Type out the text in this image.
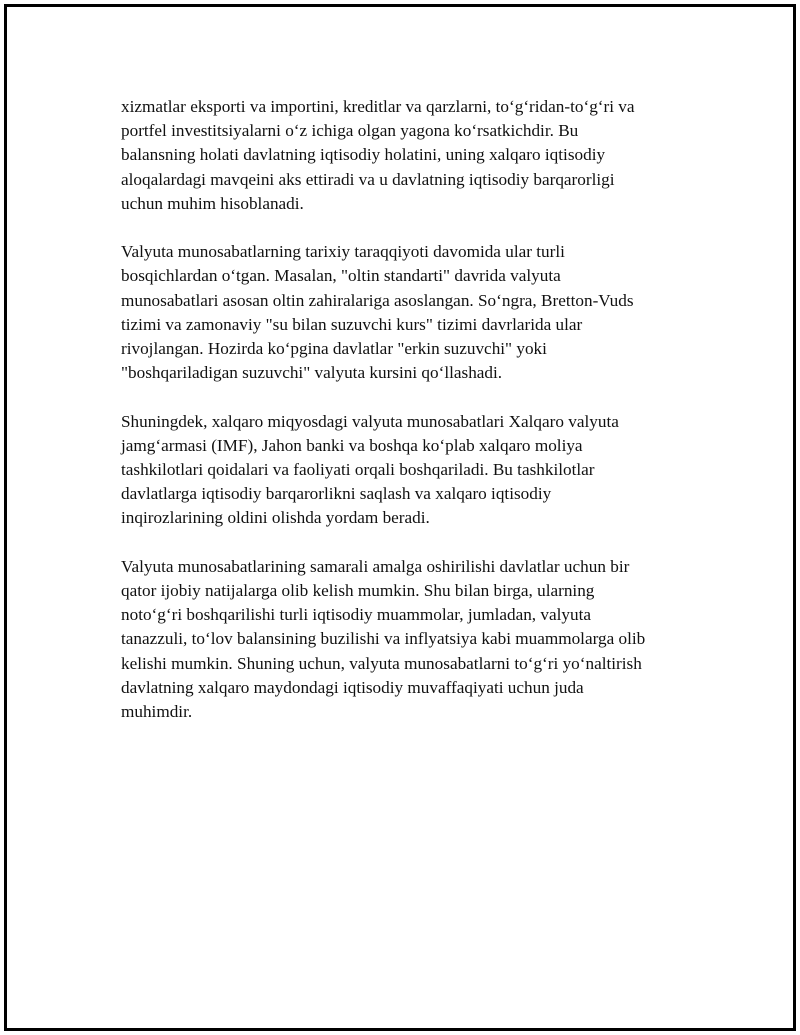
xizmatlar eksporti va importini, kreditlar va qarzlarni, to‘g‘ridan-to‘g‘ri va
portfel investitsiyalarni o‘z ichiga olgan yagona ko‘rsatkichdir. Bu
balansning holati davlatning iqtisodiy holatini, uning xalqaro iqtisodiy
aloqalardagi mavqeini aks ettiradi va u davlatning iqtisodiy barqarorligi
uchun muhim hisoblanadi.

Valyuta munosabatlarning tarixiy taraqqiyoti davomida ular turli
bosqichlardan o‘tgan. Masalan, "oltin standarti" davrida valyuta
munosabatlari asosan oltin zahiralariga asoslangan. So‘ngra, Bretton-Vuds
tizimi va zamonaviy "su bilan suzuvchi kurs" tizimi davrlarida ular
rivojlangan. Hozirda ko‘pgina davlatlar "erkin suzuvchi" yoki
"boshqariladigan suzuvchi" valyuta kursini qo‘llashadi.

Shuningdek, xalqaro miqyosdagi valyuta munosabatlari Xalqaro valyuta
jamg‘armasi (IMF), Jahon banki va boshqa ko‘plab xalqaro moliya
tashkilotlari qoidalari va faoliyati orqali boshqariladi. Bu tashkilotlar
davlatlarga iqtisodiy barqarorlikni saqlash va xalqaro iqtisodiy
inqirozlarining oldini olishda yordam beradi.

Valyuta munosabatlarining samarali amalga oshirilishi davlatlar uchun bir
qator ijobiy natijalarga olib kelish mumkin. Shu bilan birga, ularning
noto‘g‘ri boshqarilishi turli iqtisodiy muammolar, jumladan, valyuta
tanazzuli, to‘lov balansining buzilishi va inflyatsiya kabi muammolarga olib
kelishi mumkin. Shuning uchun, valyuta munosabatlarni to‘g‘ri yo‘naltirish
davlatning xalqaro maydondagi iqtisodiy muvaffaqiyati uchun juda
muhimdir.
